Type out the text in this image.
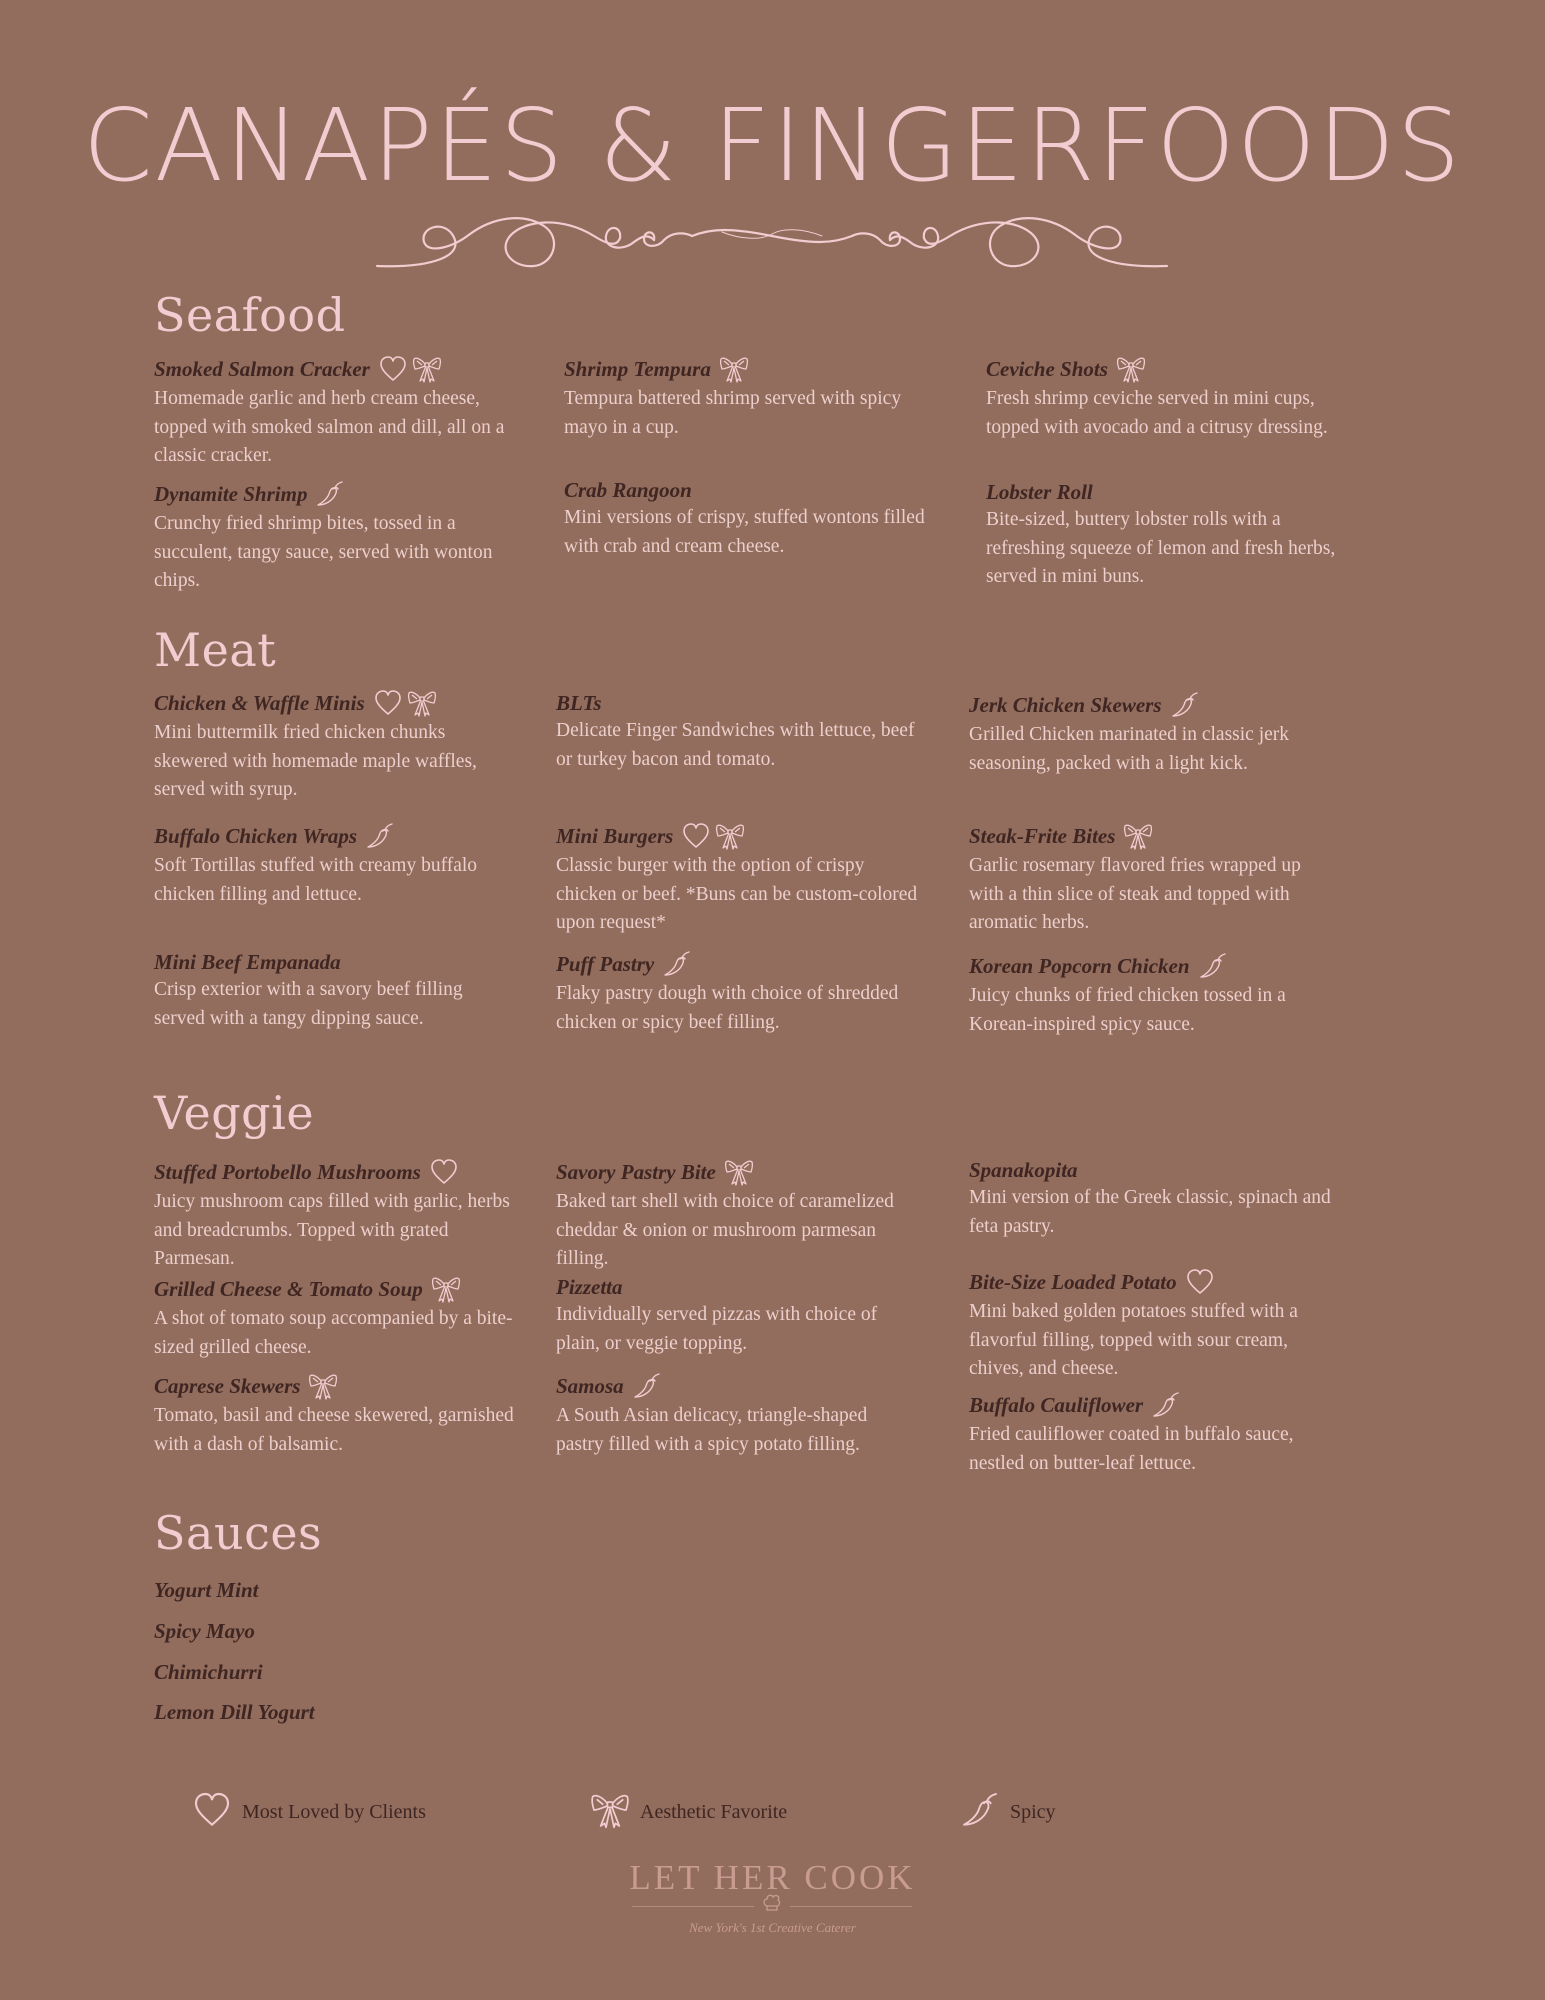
CANAPÉS & FINGERFOODS
Seafood
Smoked Salmon Cracker
Homemade garlic and herb cream cheese, topped with smoked salmon and dill, all on a classic cracker.
Shrimp Tempura
Tempura battered shrimp served with spicy mayo in a cup.
Ceviche Shots
Fresh shrimp ceviche served in mini cups, topped with avocado and a citrusy dressing.
Dynamite Shrimp
Crunchy fried shrimp bites, tossed in a succulent, tangy sauce, served with wonton chips.
Crab Rangoon
Mini versions of crispy, stuffed wontons filled with crab and cream cheese.
Lobster Roll
Bite-sized, buttery lobster rolls with a refreshing squeeze of lemon and fresh herbs, served in mini buns.
Meat
Chicken & Waffle Minis
Mini buttermilk fried chicken chunks skewered with homemade maple waffles, served with syrup.
BLTs
Delicate Finger Sandwiches with lettuce, beef or turkey bacon and tomato.
Jerk Chicken Skewers
Grilled Chicken marinated in classic jerk seasoning, packed with a light kick.
Buffalo Chicken Wraps
Soft Tortillas stuffed with creamy buffalo chicken filling and lettuce.
Mini Burgers
Classic burger with the option of crispy chicken or beef. *Buns can be custom-colored upon request*
Steak-Frite Bites
Garlic rosemary flavored fries wrapped up with a thin slice of steak and topped with aromatic herbs.
Mini Beef Empanada
Crisp exterior with a savory beef filling served with a tangy dipping sauce.
Puff Pastry
Flaky pastry dough with choice of shredded chicken or spicy beef filling.
Korean Popcorn Chicken
Juicy chunks of fried chicken tossed in a Korean-inspired spicy sauce.
Veggie
Stuffed Portobello Mushrooms
Juicy mushroom caps filled with garlic, herbs and breadcrumbs. Topped with grated Parmesan.
Savory Pastry Bite
Baked tart shell with choice of caramelized cheddar & onion or mushroom parmesan filling.
Spanakopita
Mini version of the Greek classic, spinach and feta pastry.
Grilled Cheese & Tomato Soup
A shot of tomato soup accompanied by a bite-sized grilled cheese.
Pizzetta
Individually served pizzas with choice of plain, or veggie topping.
Bite-Size Loaded Potato
Mini baked golden potatoes stuffed with a flavorful filling, topped with sour cream, chives, and cheese.
Caprese Skewers
Tomato, basil and cheese skewered, garnished with a dash of balsamic.
Samosa
A South Asian delicacy, triangle-shaped pastry filled with a spicy potato filling.
Buffalo Cauliflower
Fried cauliflower coated in buffalo sauce, nestled on butter-leaf lettuce.
Sauces
Yogurt Mint
Spicy Mayo
Chimichurri
Lemon Dill Yogurt
Most Loved by Clients	Aesthetic Favorite	Spicy
LET HER COOK
New York's 1st Creative Caterer
